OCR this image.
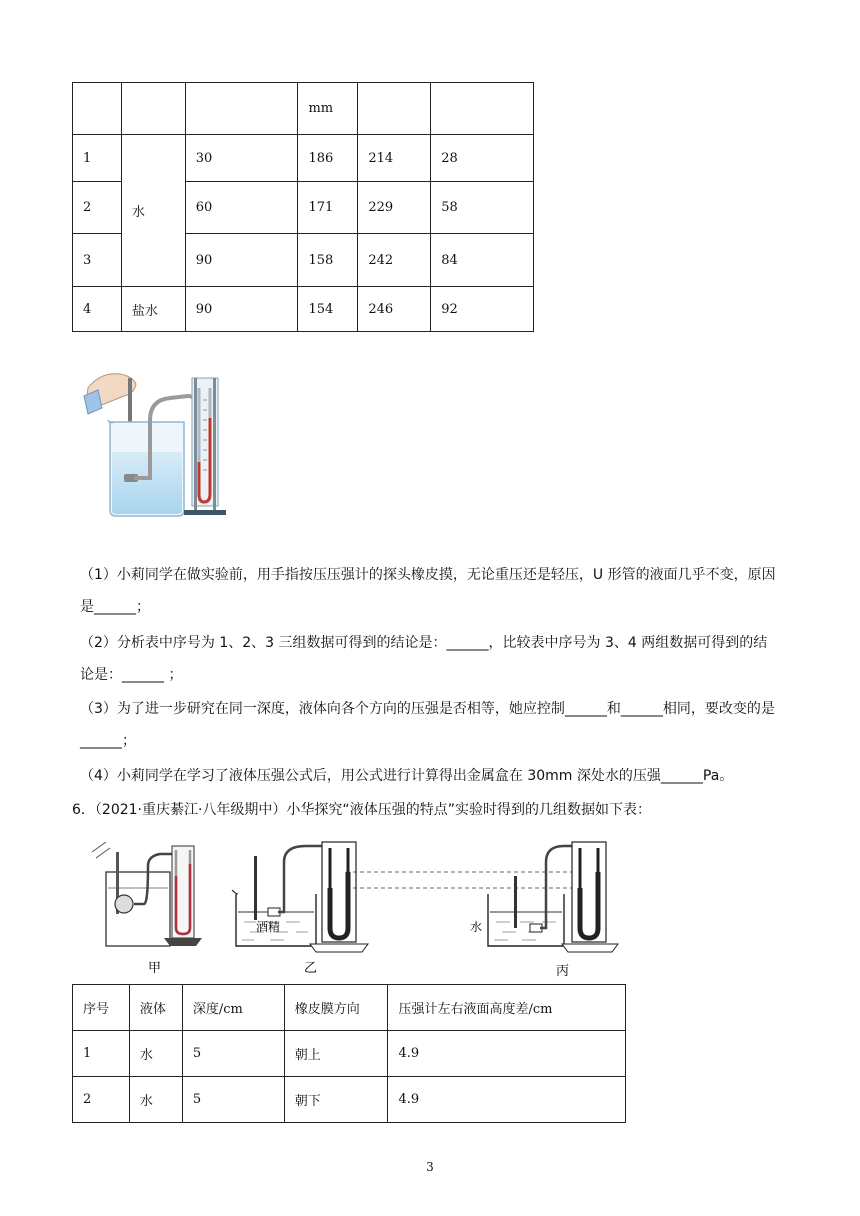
			mm		
1	水	30	186	214	28
2		60	171	229	58
3		90	158	242	84
4	盐水	90	154	246	92

（1）小莉同学在做实验前，用手指按压压强计的探头橡皮摸，无论重压还是轻压，U 形管的液面几乎不变，原因是______；

（2）分析表中序号为 1、2、3 三组数据可得到的结论是：______，比较表中序号为 3、4 两组数据可得到的结论是：______ ；

（3）为了进一步研究在同一深度，液体向各个方向的压强是否相等，她应控制______和______相同，要改变的是______；

（4）小莉同学在学习了液体压强公式后，用公式进行计算得出金属盒在 30mm 深处水的压强______Pa。

6．（2021·重庆綦江·八年级期中）小华探究“液体压强的特点”实验时得到的几组数据如下表：

甲
酒精
乙
水
丙
序号	液体	深度/cm	橡皮膜方向	压强计左右液面高度差/cm
1	水	5	朝上	4.9
2	水	5	朝下	4.9
3
